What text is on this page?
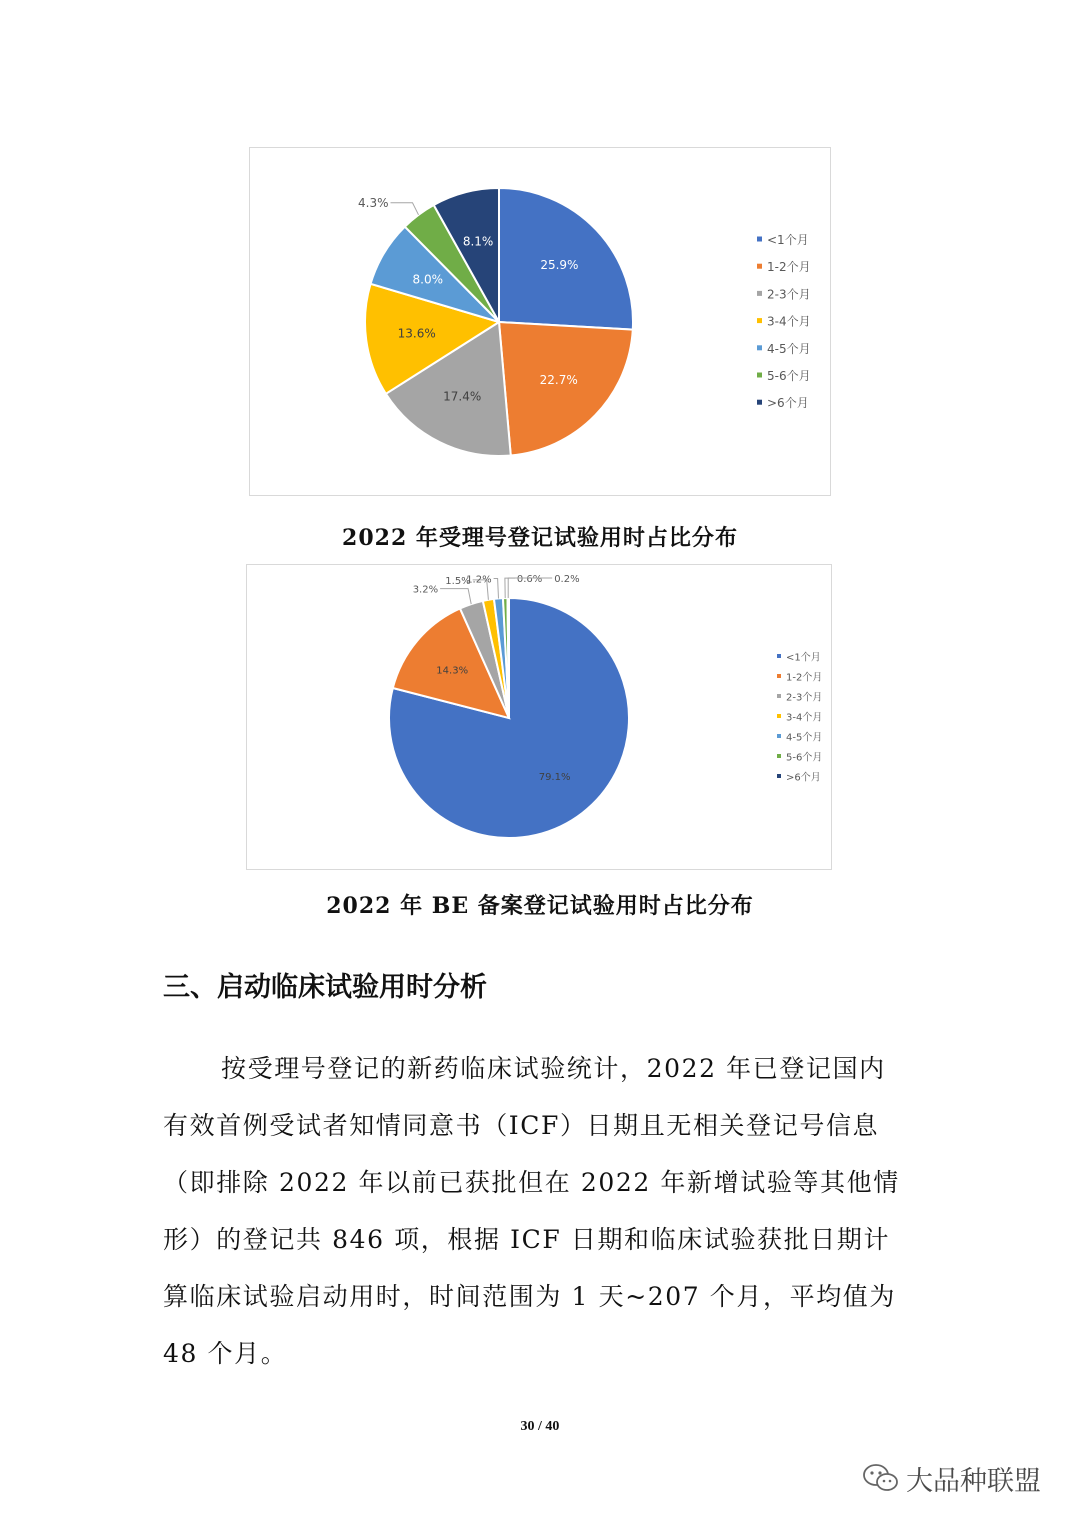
25.9%
22.7%
17.4%
13.6%
8.0%
4.3%
8.1%	<1个月
1-2个月
2-3个月
3-4个月
4-5个月
5-6个月
>6个月
2022 年受理号登记试验用时占比分布
79.1%
14.3%
3.2%
1.5%
1.2%	0.6% 0.2%
<1个月
1-2个月
2-3个月
3-4个月
4-5个月
5-6个月
>6个月
2022 年 BE 备案登记试验用时占比分布
三、启动临床试验用时分析
按受理号登记的新药临床试验统计，2022 年已登记国内
有效首例受试者知情同意书（ICF）日期且无相关登记号信息
（即排除 2022 年以前已获批但在 2022 年新增试验等其他情
形）的登记共 846 项，根据 ICF 日期和临床试验获批日期计
算临床试验启动用时，时间范围为 1 天~207 个月，平均值为
48 个月。
30 / 40
大品种联盟
